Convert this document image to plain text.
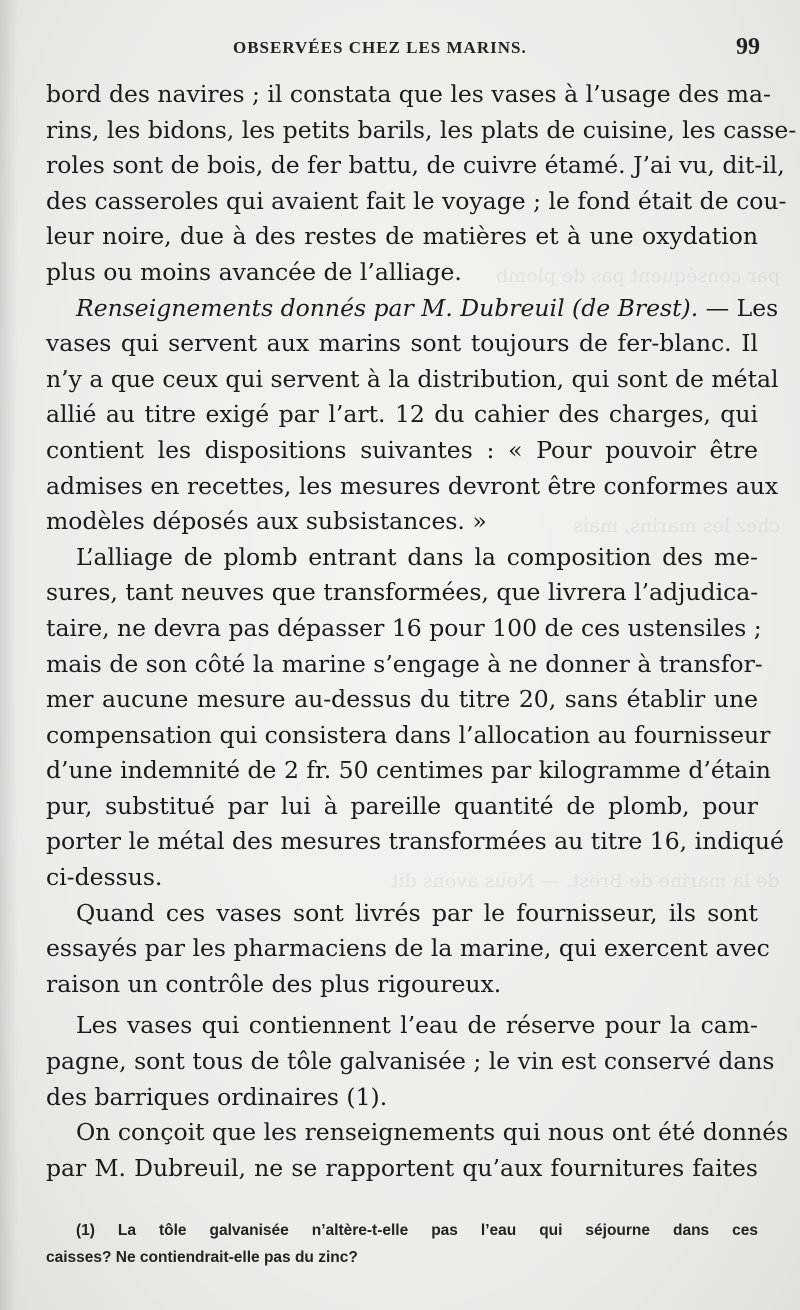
par conséquent pas de plomb
chez les marins, mais
de la marine de Brest. — Nous avons dit
OBSERVÉES CHEZ LES MARINS.	99
bord des navires ; il constata que les vases à l’usage des ma-
rins, les bidons, les petits barils, les plats de cuisine, les casse-
roles sont de bois, de fer battu, de cuivre étamé. J’ai vu, dit-il,
des casseroles qui avaient fait le voyage ; le fond était de cou-
leur noire, due à des restes de matières et à une oxydation
plus ou moins avancée de l’alliage.
Renseignements donnés par M. Dubreuil (de Brest). — Les
vases qui servent aux marins sont toujours de fer-blanc. Il
n’y a que ceux qui servent à la distribution, qui sont de métal
allié au titre exigé par l’art. 12 du cahier des charges, qui
contient les dispositions suivantes : « Pour pouvoir être
admises en recettes, les mesures devront être conformes aux
modèles déposés aux subsistances. »
L’alliage de plomb entrant dans la composition des me-
sures, tant neuves que transformées, que livrera l’adjudica-
taire, ne devra pas dépasser 16 pour 100 de ces ustensiles ;
mais de son côté la marine s’engage à ne donner à transfor-
mer aucune mesure au-dessus du titre 20, sans établir une
compensation qui consistera dans l’allocation au fournisseur
d’une indemnité de 2 fr. 50 centimes par kilogramme d’étain
pur, substitué par lui à pareille quantité de plomb, pour
porter le métal des mesures transformées au titre 16, indiqué
ci-dessus.
Quand ces vases sont livrés par le fournisseur, ils sont
essayés par les pharmaciens de la marine, qui exercent avec
raison un contrôle des plus rigoureux.
Les vases qui contiennent l’eau de réserve pour la cam-
pagne, sont tous de tôle galvanisée ; le vin est conservé dans
des barriques ordinaires (1).
On conçoit que les renseignements qui nous ont été donnés
par M. Dubreuil, ne se rapportent qu’aux fournitures faites
(1) La tôle galvanisée n’altère-t-elle pas l’eau qui séjourne dans ces
caisses? Ne contiendrait-elle pas du zinc?
